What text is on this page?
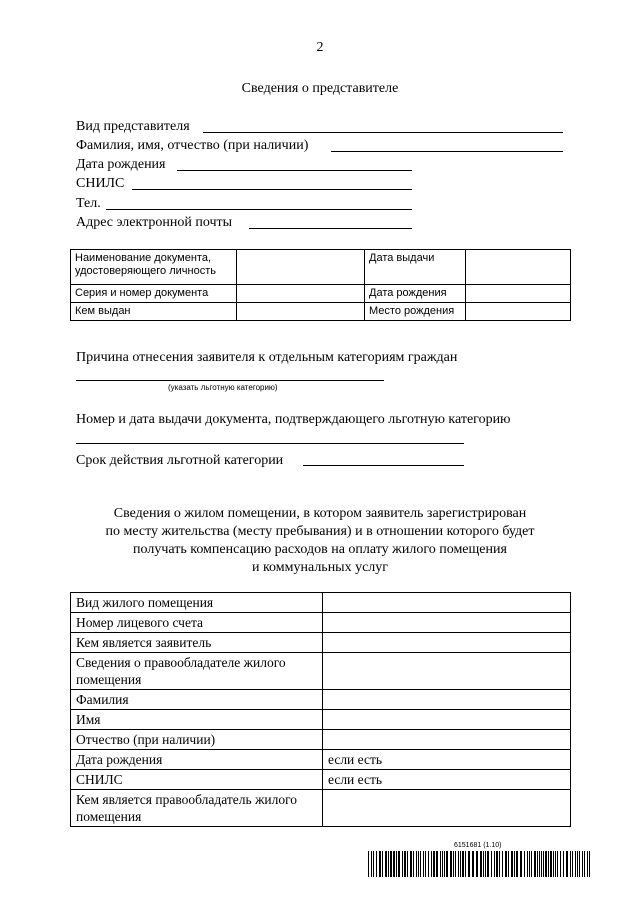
2
Сведения о представителе
Вид представителя
Фамилия, имя, отчество (при наличии)
Дата рождения
СНИЛС
Тел.
Адрес электронной почты
Наименование документа, удостоверяющего личность		Дата выдачи	
Серия и номер документа		Дата рождения	
Кем выдан		Место рождения	
Причина отнесения заявителя к отдельным категориям граждан
(указать льготную категорию)
Номер и дата выдачи документа, подтверждающего льготную категорию
Срок действия льготной категории
Сведения о жилом помещении, в котором заявитель зарегистрирован
по месту жительства (месту пребывания) и в отношении которого будет
получать компенсацию расходов на оплату жилого помещения
и коммунальных услуг
Вид жилого помещения	
Номер лицевого счета	
Кем является заявитель	
Сведения о правообладателе жилого помещения	
Фамилия	
Имя	
Отчество (при наличии)	
Дата рождения	если есть
СНИЛС	если есть
Кем является правообладатель жилого помещения	
6151681 (1.10)
